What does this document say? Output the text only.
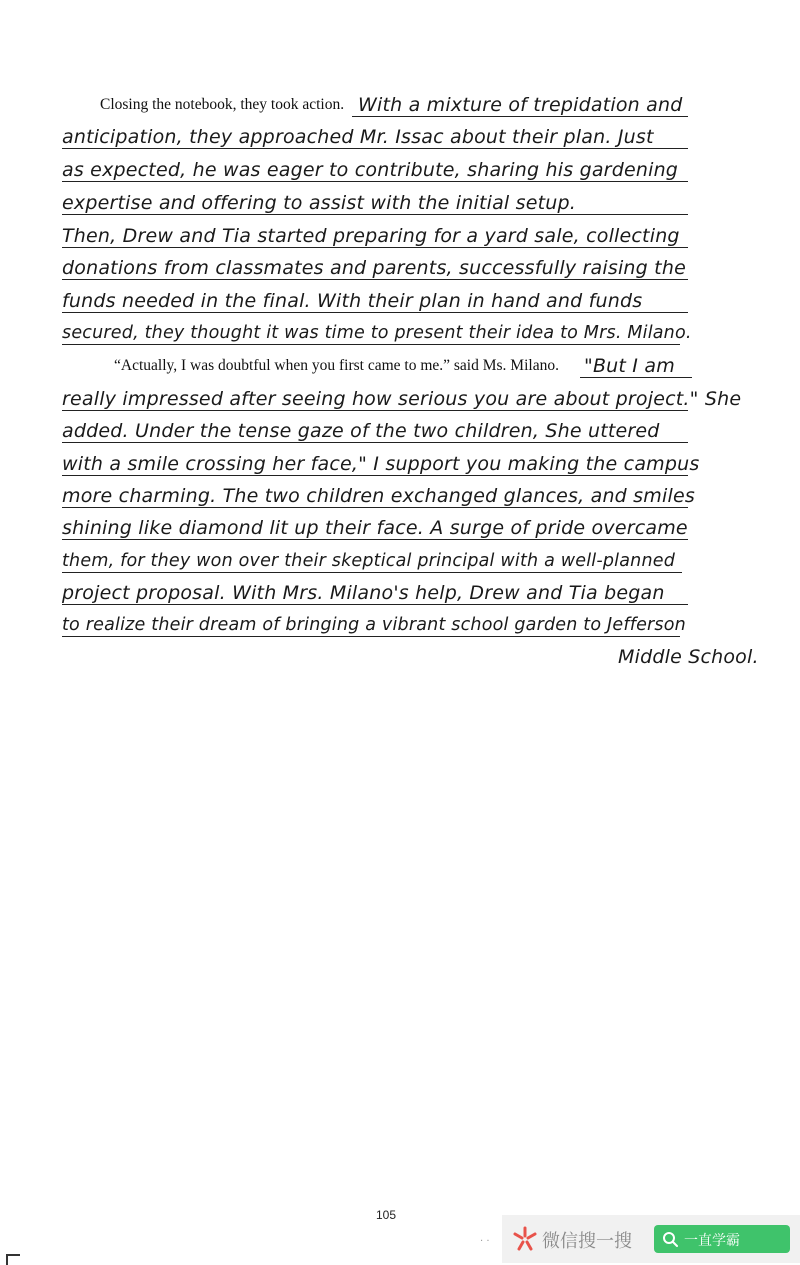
Closing the notebook, they took action. With a mixture of trepidation and
anticipation, they approached Mr. Issac about their plan. Just
as expected, he was eager to contribute, sharing his gardening
expertise and offering to assist with the initial setup.
Then, Drew and Tia started preparing for a yard sale, collecting
donations from classmates and parents, successfully raising the
funds needed in the final. With their plan in hand and funds
secured, they thought it was time to present their idea to Mrs. Milano.
“Actually, I was doubtful when you first came to me.” said Ms. Milano. "But I am
really impressed after seeing how serious you are about project." She
added. Under the tense gaze of the two children, She uttered
with a smile crossing her face," I support you making the campus
more charming. The two children exchanged glances, and smiles
shining like diamond lit up their face. A surge of pride overcame
them, for they won over their skeptical principal with a well-planned
project proposal. With Mrs. Milano's help, Drew and Tia began
to realize their dream of bringing a vibrant school garden to Jefferson
Middle School.
105
· ·	微信搜一搜	一直学霸
